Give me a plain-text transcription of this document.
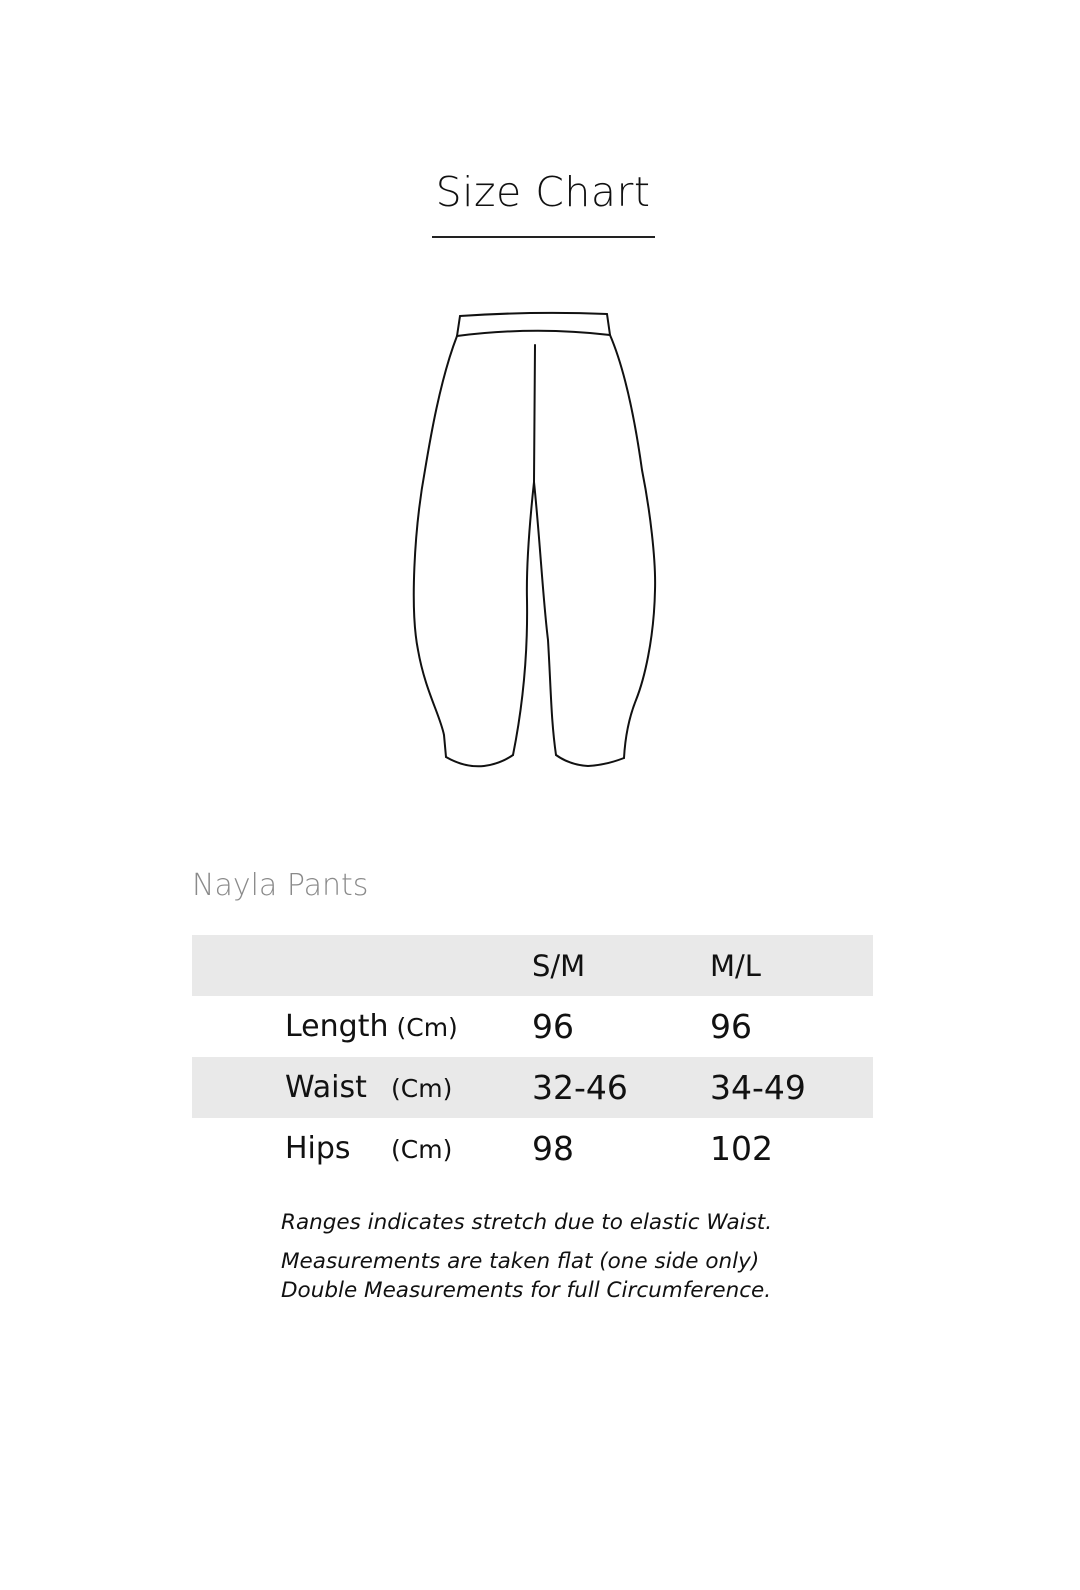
Size Chart
Nayla Pants
		S/M	M/L
	Length (Cm)	96	96
	Waist (Cm)	32-46	34-49
	Hips (Cm)	98	102

Ranges indicates stretch due to elastic Waist.

Measurements are taken flat (one side only)

Double Measurements for full Circumference.
